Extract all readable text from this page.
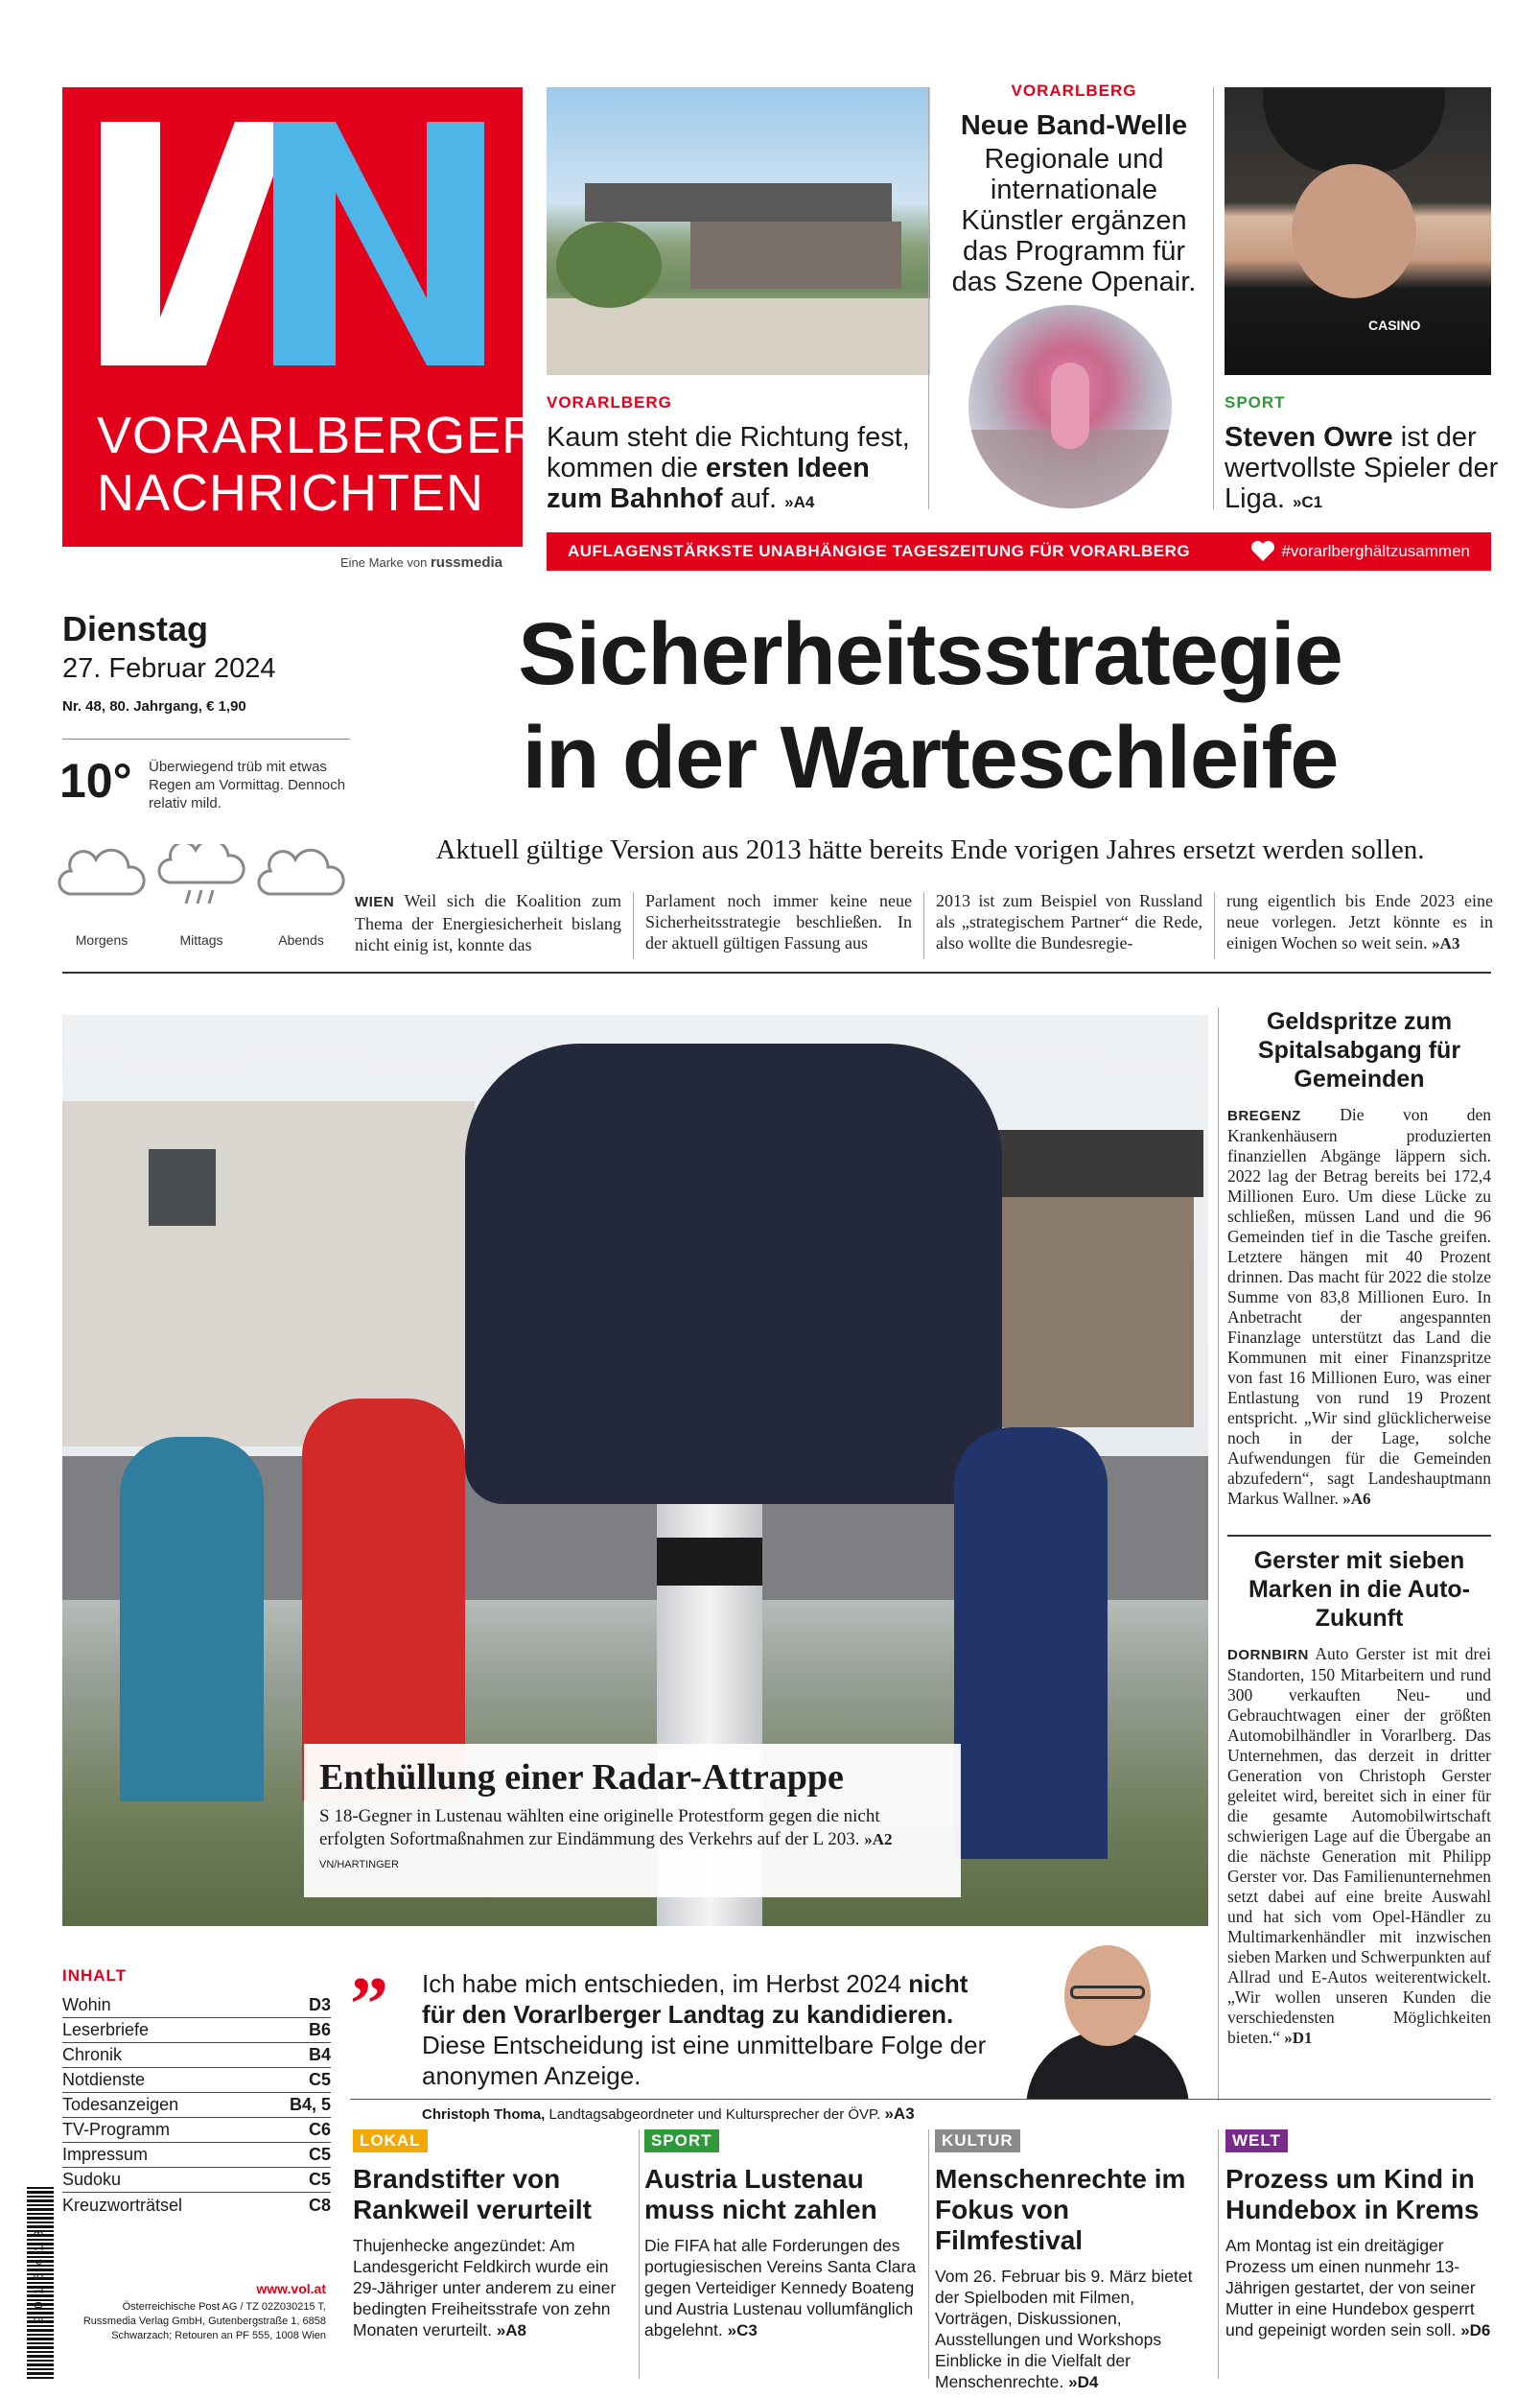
VORARLBERGER
NACHRICHTEN
Eine Marke von russmedia
VORARLBERG
Kaum steht die Richtung fest, kommen die ersten Ideen zum Bahnhof auf. »A4
VORARLBERG
Neue Band-Welle
Regionale und internationale Künstler ergänzen das Programm für das Szene Openair.
CASINO
SPORT
Steven Owre ist der wertvollste Spieler der Liga. »C1
AUFLAGENSTÄRKSTE UNABHÄNGIGE TAGESZEITUNG FÜR VORARLBERG	#vorarlberghältzusammen
Dienstag
27. Februar 2024
Nr. 48, 80. Jahrgang, € 1,90
10° Überwiegend trüb mit etwas Regen am Vormittag. Dennoch relativ mild.
Morgens	Mittags	Abends
Sicherheitsstrategie
in der Warteschleife
Aktuell gültige Version aus 2013 hätte bereits Ende vorigen Jahres ersetzt werden sollen.
WIEN Weil sich die Koalition zum Thema der Energiesicherheit bislang nicht einig ist, konnte das
Parlament noch immer keine neue Sicherheitsstrategie beschließen. In der aktuell gültigen Fassung aus
2013 ist zum Beispiel von Russland als „strategischem Partner“ die Rede, also wollte die Bundesregie-
rung eigentlich bis Ende 2023 eine neue vorlegen. Jetzt könnte es in einigen Wochen so weit sein. »A3
Enthüllung einer Radar-Attrappe
S 18-Gegner in Lustenau wählten eine originelle Protestform gegen die nicht erfolgten Sofortmaßnahmen zur Eindämmung des Verkehrs auf der L 203. »A2 VN/HARTINGER
Geldspritze zum Spitalsabgang für Gemeinden
BREGENZ Die von den Krankenhäusern produzierten finanziellen Abgänge läppern sich. 2022 lag der Betrag bereits bei 172,4 Millionen Euro. Um diese Lücke zu schließen, müssen Land und die 96 Gemeinden tief in die Tasche greifen. Letztere hängen mit 40 Prozent drinnen. Das macht für 2022 die stolze Summe von 83,8 Millionen Euro. In Anbetracht der angespannten Finanzlage unterstützt das Land die Kommunen mit einer Finanzspritze von fast 16 Millionen Euro, was einer Entlastung von rund 19 Prozent entspricht. „Wir sind glücklicherweise noch in der Lage, solche Aufwendungen für die Gemeinden abzufedern“, sagt Landeshauptmann Markus Wallner. »A6
Gerster mit sieben Marken in die Auto-Zukunft
DORNBIRN Auto Gerster ist mit drei Standorten, 150 Mitarbeitern und rund 300 verkauften Neu- und Gebrauchtwagen einer der größten Automobilhändler in Vorarlberg. Das Unternehmen, das derzeit in dritter Generation von Christoph Gerster geleitet wird, bereitet sich in einer für die gesamte Automobilwirtschaft schwierigen Lage auf die Übergabe an die nächste Generation mit Philipp Gerster vor. Das Familienunternehmen setzt dabei auf eine breite Auswahl und hat sich vom Opel-Händler zu Multimarkenhändler mit inzwischen sieben Marken und Schwerpunkten auf Allrad und E-Autos weiterentwickelt. „Wir wollen unseren Kunden die verschiedensten Möglichkeiten bieten.“ »D1
INHALT
Wohin	D3
Leserbriefe	B6
Chronik	B4
Notdienste	C5
Todesanzeigen	B4, 5
TV-Programm	C6
Impressum	C5
Sudoku	C5
Kreuzworträtsel	C8
” Ich habe mich entschieden, im Herbst 2024 nicht für den Vorarlberger Landtag zu kandidieren. Diese Entscheidung ist eine unmittelbare Folge der anonymen Anzeige.
Christoph Thoma, Landtagsabgeordneter und Kultursprecher der ÖVP. »A3
9 0 1 5 4 1 3	www.vol.at
Österreichische Post AG / TZ 02Z030215 T, Russmedia Verlag GmbH, Gutenbergstraße 1, 6858 Schwarzach; Retouren an PF 555, 1008 Wien
LOKAL
Brandstifter von Rankweil verurteilt
Thujenhecke angezündet: Am Landesgericht Feldkirch wurde ein 29-Jähriger unter anderem zu einer bedingten Freiheitsstrafe von zehn Monaten verurteilt. »A8
SPORT
Austria Lustenau muss nicht zahlen
Die FIFA hat alle Forderungen des portugiesischen Vereins Santa Clara gegen Verteidiger Kennedy Boateng und Austria Lustenau vollumfänglich abgelehnt. »C3
KULTUR
Menschenrechte im Fokus von Filmfestival
Vom 26. Februar bis 9. März bietet der Spielboden mit Filmen, Vorträgen, Diskussionen, Ausstellungen und Workshops Einblicke in die Vielfalt der Menschenrechte. »D4
WELT
Prozess um Kind in Hundebox in Krems
Am Montag ist ein dreitägiger Prozess um einen nunmehr 13-Jährigen gestartet, der von seiner Mutter in eine Hundebox gesperrt und gepeinigt worden sein soll. »D6
